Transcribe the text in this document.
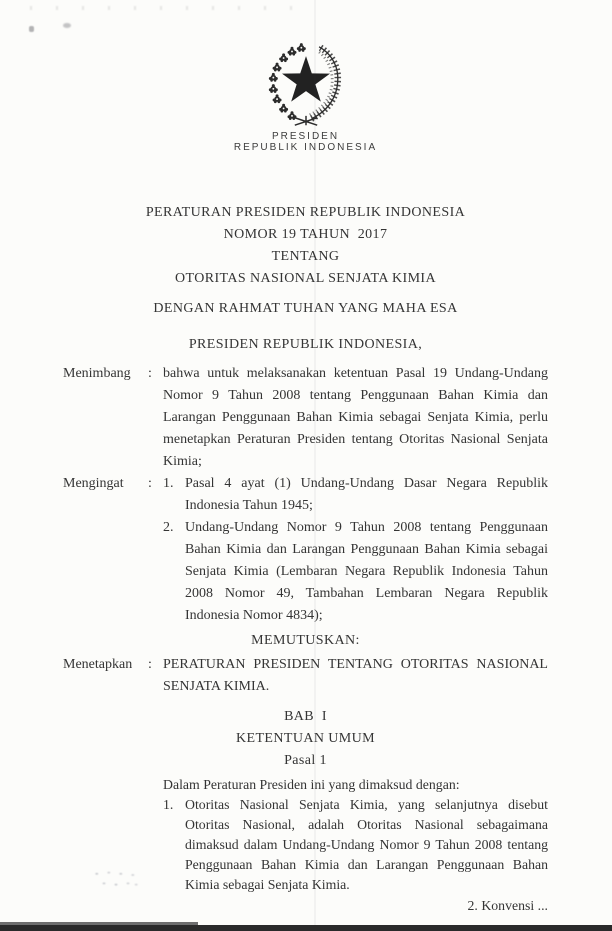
PRESIDEN
REPUBLIK INDONESIA
PERATURAN PRESIDEN REPUBLIK INDONESIA
NOMOR 19 TAHUN  2017
TENTANG
OTORITAS NASIONAL SENJATA KIMIA
DENGAN RAHMAT TUHAN YANG MAHA ESA
PRESIDEN REPUBLIK INDONESIA,
Menimbang	: bahwa untuk melaksanakan ketentuan Pasal 19 Undang-Undang Nomor 9 Tahun 2008 tentang Penggunaan Bahan Kimia dan Larangan Penggunaan Bahan Kimia sebagai Senjata Kimia, perlu menetapkan Peraturan Presiden tentang Otoritas Nasional Senjata Kimia;
Mengingat	: 1. Pasal 4 ayat (1) Undang-Undang Dasar Negara Republik Indonesia Tahun 1945;
2. Undang-Undang Nomor 9 Tahun 2008 tentang Penggunaan Bahan Kimia dan Larangan Penggunaan Bahan Kimia sebagai Senjata Kimia (Lembaran Negara Republik Indonesia Tahun 2008 Nomor 49, Tambahan Lembaran Negara Republik Indonesia Nomor 4834);
MEMUTUSKAN:
Menetapkan	: PERATURAN PRESIDEN TENTANG OTORITAS NASIONAL SENJATA KIMIA.
BAB  I
KETENTUAN UMUM
Pasal 1
Dalam Peraturan Presiden ini yang dimaksud dengan:
1. Otoritas Nasional Senjata Kimia, yang selanjutnya disebut Otoritas Nasional, adalah Otoritas Nasional sebagaimana dimaksud dalam Undang-Undang Nomor 9 Tahun 2008 tentang Penggunaan Bahan Kimia dan Larangan Penggunaan Bahan Kimia sebagai Senjata Kimia.
2. Konvensi ...
